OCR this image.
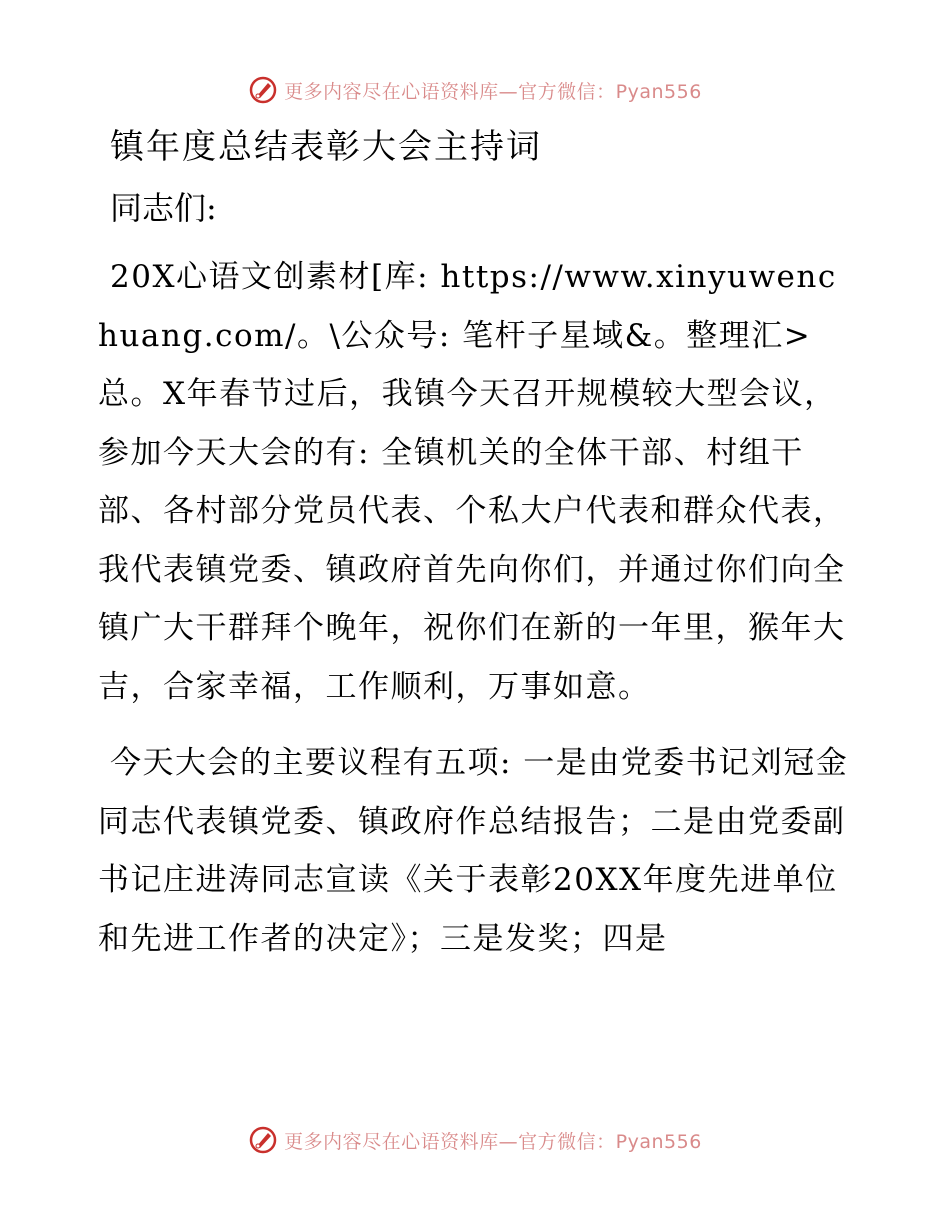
更多内容尽在心语资料库—官方微信：Pyan556
镇年度总结表彰大会主持词

同志们:

20X心语文创素材[库: https://www.xinyuwenchuang.com/。\公众号: 笔杆子星域&。整理汇>总。X年春节过后，我镇今天召开规模较大型会议，参加今天大会的有: 全镇机关的全体干部、村组干部、各村部分党员代表、个私大户代表和群众代表，我代表镇党委、镇政府首先向你们，并通过你们向全镇广大干群拜个晚年，祝你们在新的一年里，猴年大吉，合家幸福，工作顺利，万事如意。

今天大会的主要议程有五项: 一是由党委书记刘冠金同志代表镇党委、镇政府作总结报告；二是由党委副书记庄进涛同志宣读《关于表彰20XX年度先进单位和先进工作者的决定》；三是发奖；四是

更多内容尽在心语资料库—官方微信：Pyan556
